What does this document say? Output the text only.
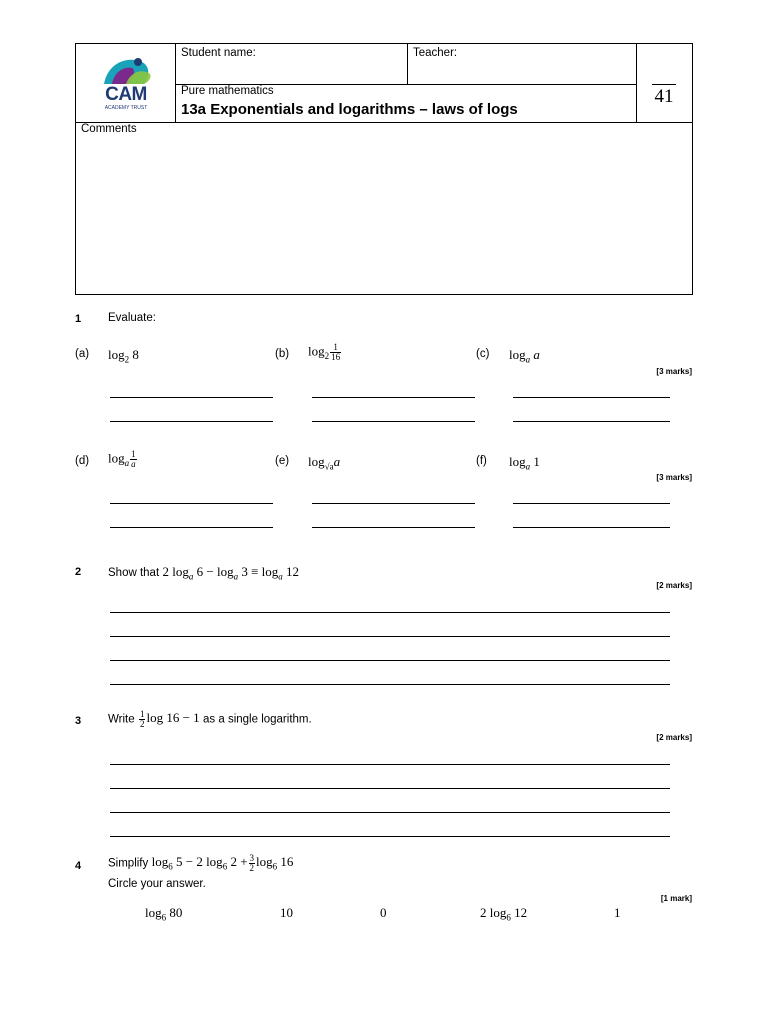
CAM
ACADEMY TRUST
Student name:	Teacher:
Pure mathematics
13a Exponentials and logarithms – laws of logs
41
Comments
1 Evaluate:
(a) $\log_2 8$	(b) $\log_2 \frac{1}{16}$	(c) $\log_a a$
[3 marks]
(d) $\log_a \frac{1}{a}$	(e) $\log_{√a}a$	(f) $\log_a 1$
[3 marks]
2 Show that 2 $\log_a 6 - \log_a 3 \equiv \log_a 12$
[2 marks]
3 Write $\frac{1}{2}$ log 16 − 1 as a single logarithm.
[2 marks]
4 Simplify $\log_6 5 - 2$ $\log_6 2 + \frac{3}{2} \log_6 16$
Circle your answer.
[1 mark]
$\log_6 80$	10	0	2 $\log_6 12$	1
